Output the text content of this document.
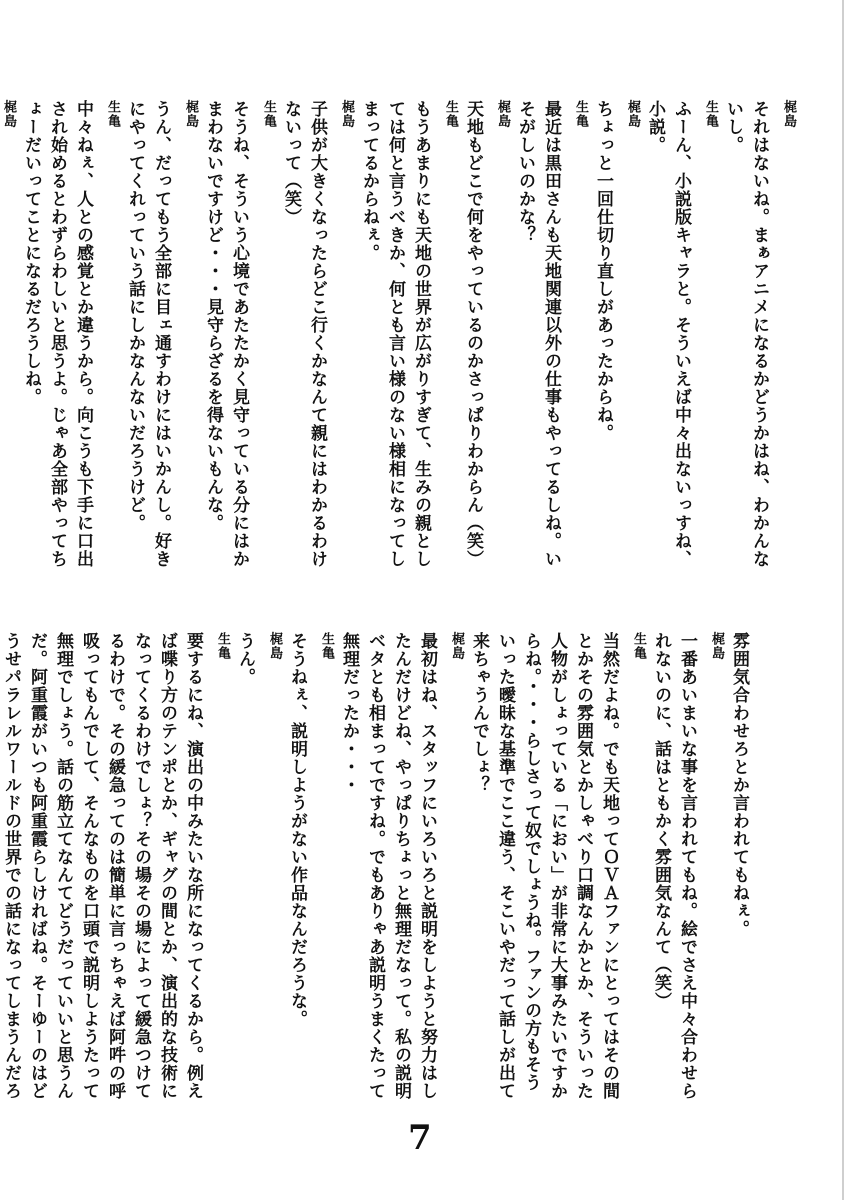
梶島
それはないね。まぁアニメになるかどうかはね、わかんないし。
生亀
ふーん、小説版キャラと。そういえば中々出ないっすね、小説。
梶島
ちょっと一回仕切り直しがあったからね。
生亀
最近は黒田さんも天地関連以外の仕事もやってるしね。いそがしいのかな？
梶島
天地もどこで何をやっているのかさっぱりわからん（笑）
生亀
もうあまりにも天地の世界が広がりすぎて、生みの親としては何と言うべきか、何とも言い様のない様相になってしまってるからねぇ。
梶島
子供が大きくなったらどこ行くかなんて親にはわかるわけないって（笑）
生亀
そうね、そういう心境であたたかく見守っている分にはかまわないですけど・・・見守らざるを得ないもんな。
梶島
うん、だってもう全部に目ェ通すわけにはいかんし。好きにやってくれっていう話にしかなんないだろうけど。
生亀
中々ねぇ、人との感覚とか違うから。向こうも下手に口出され始めるとわずらわしいと思うよ。じゃあ全部やってちょーだいってことになるだろうしね。
梶島
雰囲気合わせろとか言われてもねぇ。
梶島
一番あいまいな事を言われてもね。絵でさえ中々合わせられないのに、話はともかく雰囲気なんて（笑）
生亀
当然だよね。でも天地ってＯＶＡファンにとってはその間とかその雰囲気とかしゃべり口調なんかとか、そういった人物がしょっている「におい」が非常に大事みたいですからね。・・・らしさって奴でしょうね。ファンの方もそういった曖昧な基準でここ違う、そこいやだって話しが出て来ちゃうんでしょ？
梶島
最初はね、スタッフにいろいろと説明をしようと努力はしたんだけどね、やっぱりちょっと無理だなって。私の説明ベタとも相まってですね。でもありゃあ説明うまくたって無理だったか・・・
生亀
そうねぇ、説明しようがない作品なんだろうな。
梶島
うん。
生亀
要するにね、演出の中みたいな所になってくるから。例えば喋り方のテンポとか、ギャグの間とか、演出的な技術になってくるわけでしょ？その場その場によって緩急つけてるわけで。その緩急ってのは簡単に言っちゃえば阿吽の呼吸ってもんでして、そんなものを口頭で説明しようたって無理でしょう。話の筋立てなんてどうだっていいと思うんだ。阿重霞がいつも阿重霞らしければね。そーゆーのはどうせパラレルワールドの世界での話になってしまうんだろ
7
